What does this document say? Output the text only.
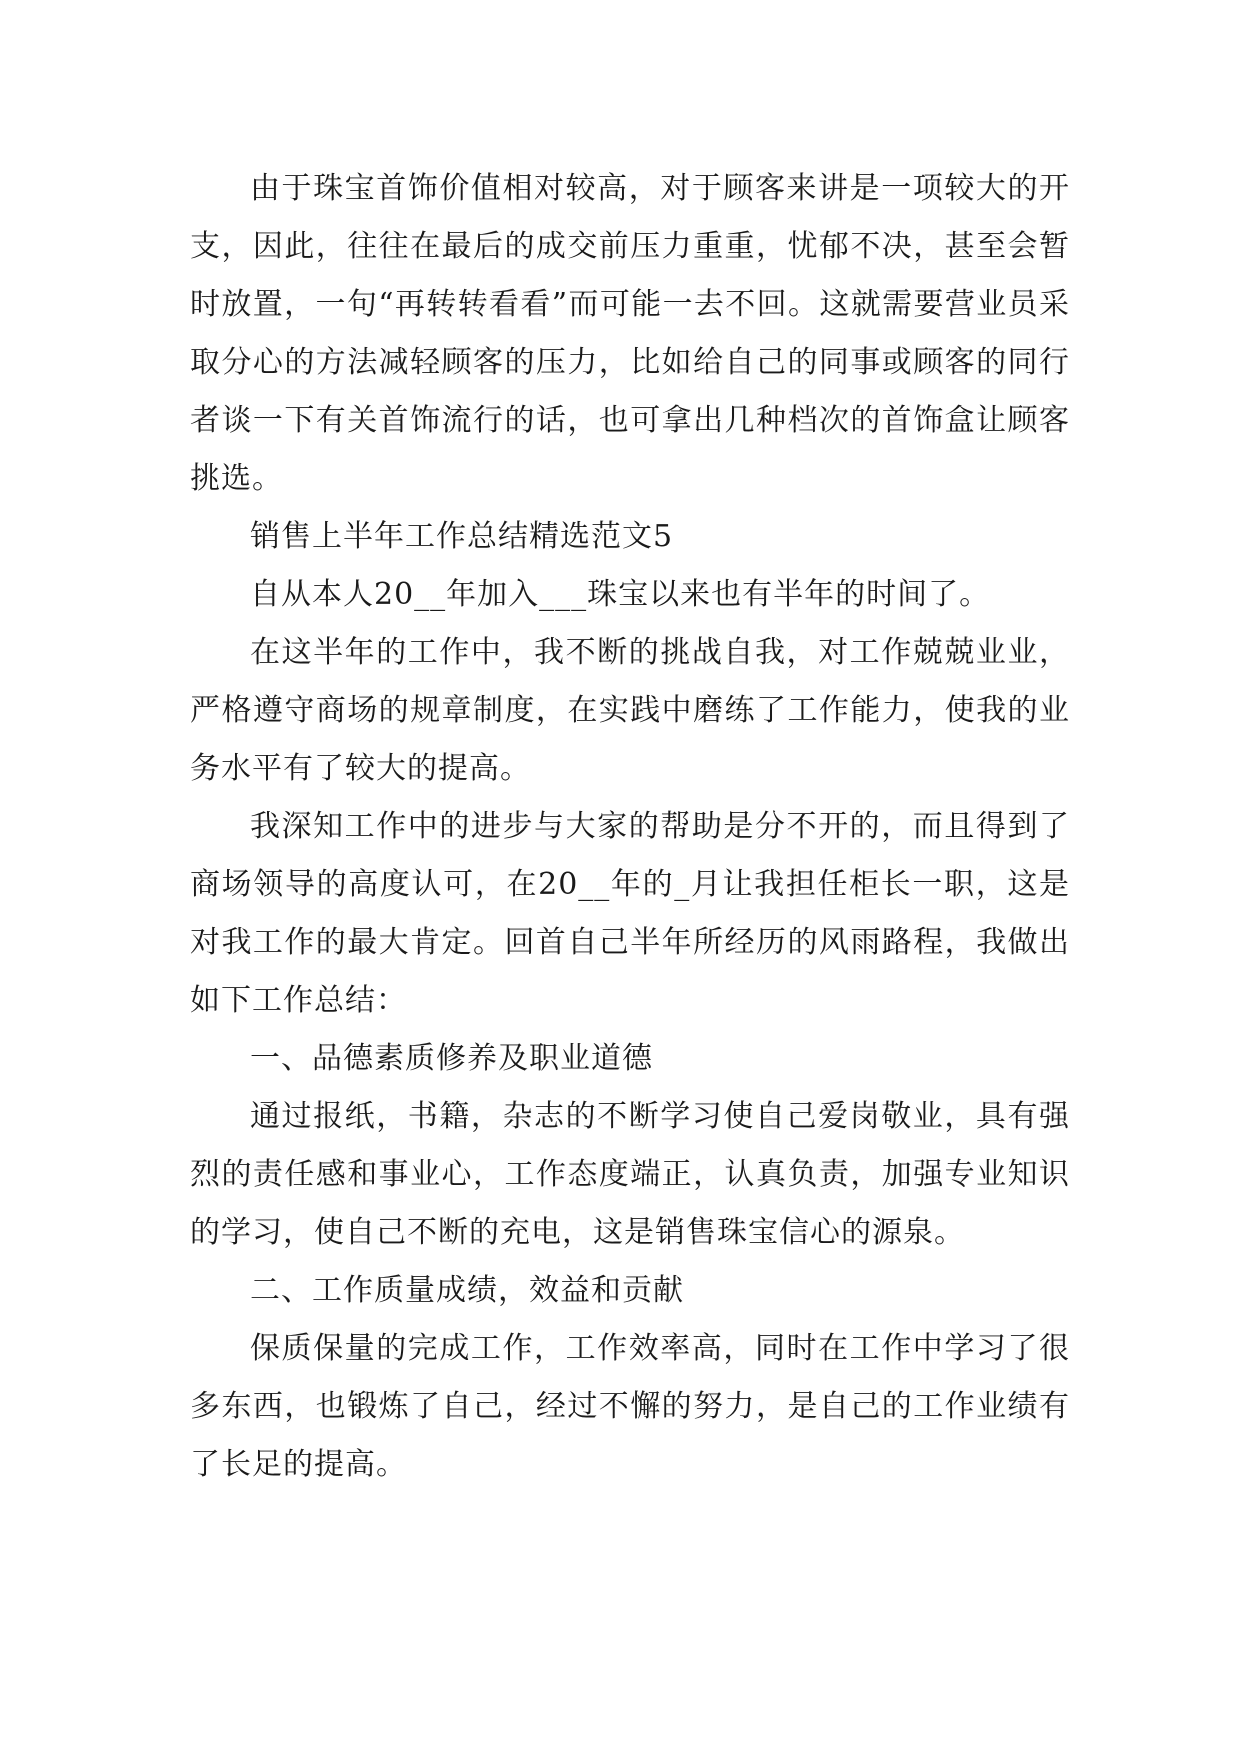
由于珠宝首饰价值相对较高，对于顾客来讲是一项较大的开支，因此，往往在最后的成交前压力重重，忧郁不决，甚至会暂时放置，一句“再转转看看”而可能一去不回。这就需要营业员采取分心的方法减轻顾客的压力，比如给自己的同事或顾客的同行者谈一下有关首饰流行的话，也可拿出几种档次的首饰盒让顾客挑选。

销售上半年工作总结精选范文5

自从本人20__年加入___珠宝以来也有半年的时间了。

在这半年的工作中，我不断的挑战自我，对工作兢兢业业，严格遵守商场的规章制度，在实践中磨练了工作能力，使我的业务水平有了较大的提高。

我深知工作中的进步与大家的帮助是分不开的，而且得到了商场领导的高度认可，在20__年的_月让我担任柜长一职，这是对我工作的最大肯定。回首自己半年所经历的风雨路程，我做出如下工作总结：

一、品德素质修养及职业道德

通过报纸，书籍，杂志的不断学习使自己爱岗敬业，具有强烈的责任感和事业心，工作态度端正，认真负责，加强专业知识的学习，使自己不断的充电，这是销售珠宝信心的源泉。

二、工作质量成绩，效益和贡献

保质保量的完成工作，工作效率高，同时在工作中学习了很多东西，也锻炼了自己，经过不懈的努力，是自己的工作业绩有了长足的提高。
